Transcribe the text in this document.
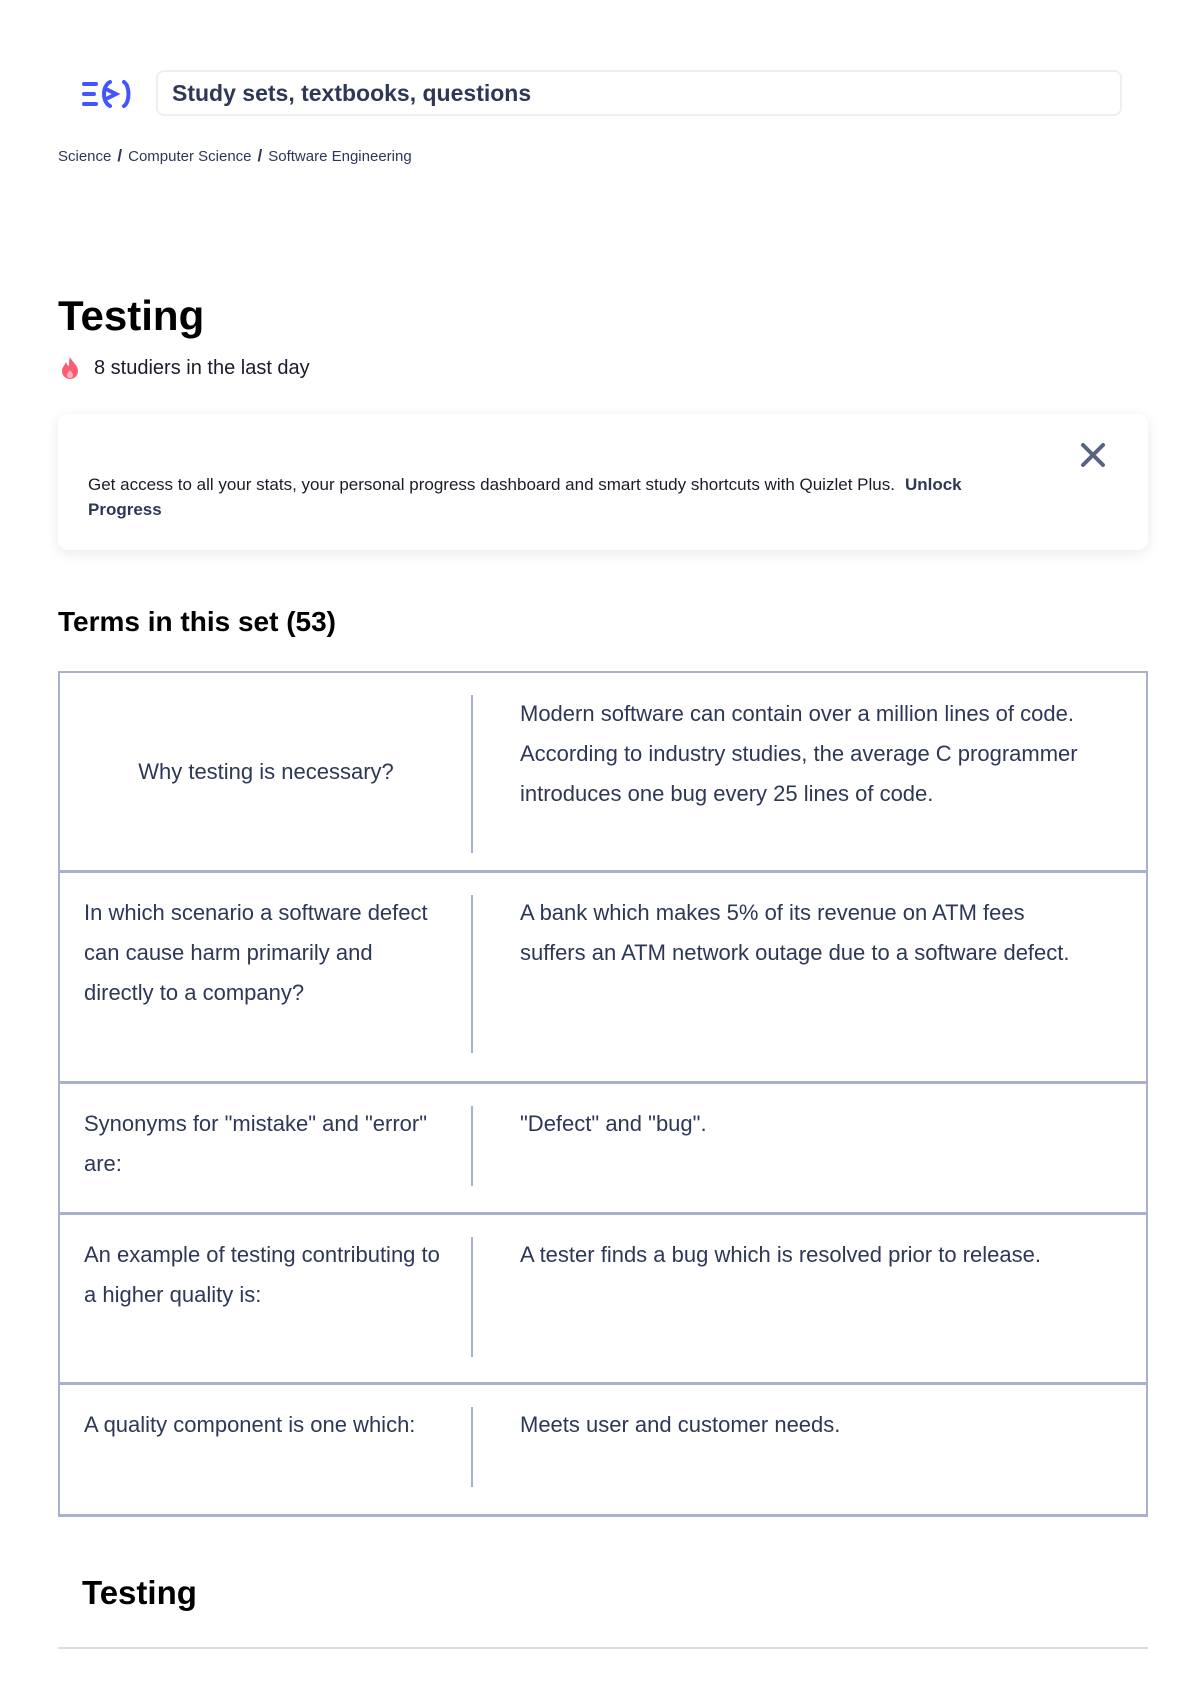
Study sets, textbooks, questions
Science / Computer Science / Software Engineering
Testing
8 studiers in the last day
Get access to all your stats, your personal progress dashboard and smart study shortcuts with Quizlet Plus. Unlock Progress
Terms in this set (53)
Why testing is necessary?
Modern software can contain over a million lines of code. According to industry studies, the average C programmer introduces one bug every 25 lines of code.
In which scenario a software defect can cause harm primarily and directly to a company?
A bank which makes 5% of its revenue on ATM fees suffers an ATM network outage due to a software defect.
Synonyms for "mistake" and "error" are:
"Defect" and "bug".
An example of testing contributing to a higher quality is:
A tester finds a bug which is resolved prior to release.
A quality component is one which:	Meets user and customer needs.
Testing
